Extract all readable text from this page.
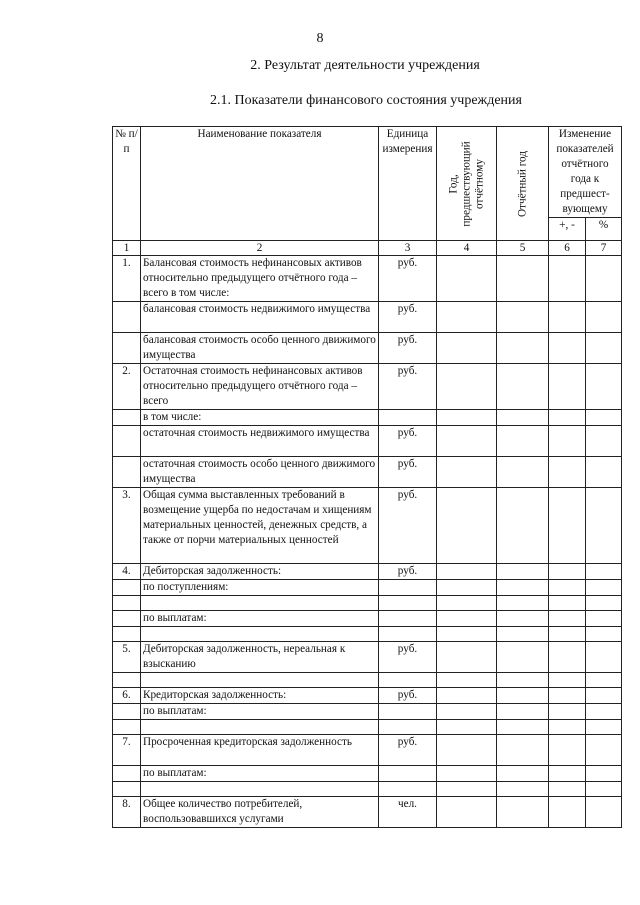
8
2. Результат деятельности учреждения
2.1. Показатели финансового состояния учреждения
№ п/п	Наименование показателя	Единица измерения	Год, предшествующий отчётному	Отчётный год	Изменение показателей отчётного года к предшест-вующему	
					+, -	%
1	2	3	4	5	6	7
1.	Балансовая стоимость нефинансовых активов относительно предыдущего отчётного года – всего в том числе:	руб.				
	балансовая стоимость недвижимого имущества	руб.				
	балансовая стоимость особо ценного движимого имущества	руб.				
2.	Остаточная стоимость нефинансовых активов относительно предыдущего отчётного года – всего	руб.				
	в том числе:					
	остаточная стоимость недвижимого имущества	руб.				
	остаточная стоимость особо ценного движимого имущества	руб.				
3.	Общая сумма выставленных требований в возмещение ущерба по недостачам и хищениям материальных ценностей, денежных средств, а также от порчи материальных ценностей	руб.				
4.	Дебиторская задолженность:	руб.				
	по поступлениям:					

	по выплатам:					

5.	Дебиторская задолженность, нереальная к взысканию	руб.				

6.	Кредиторская задолженность:	руб.				
	по выплатам:					

7.	Просроченная кредиторская задолженность	руб.				
	по выплатам:					

8.	Общее количество потребителей, воспользовавшихся услугами	чел.				
